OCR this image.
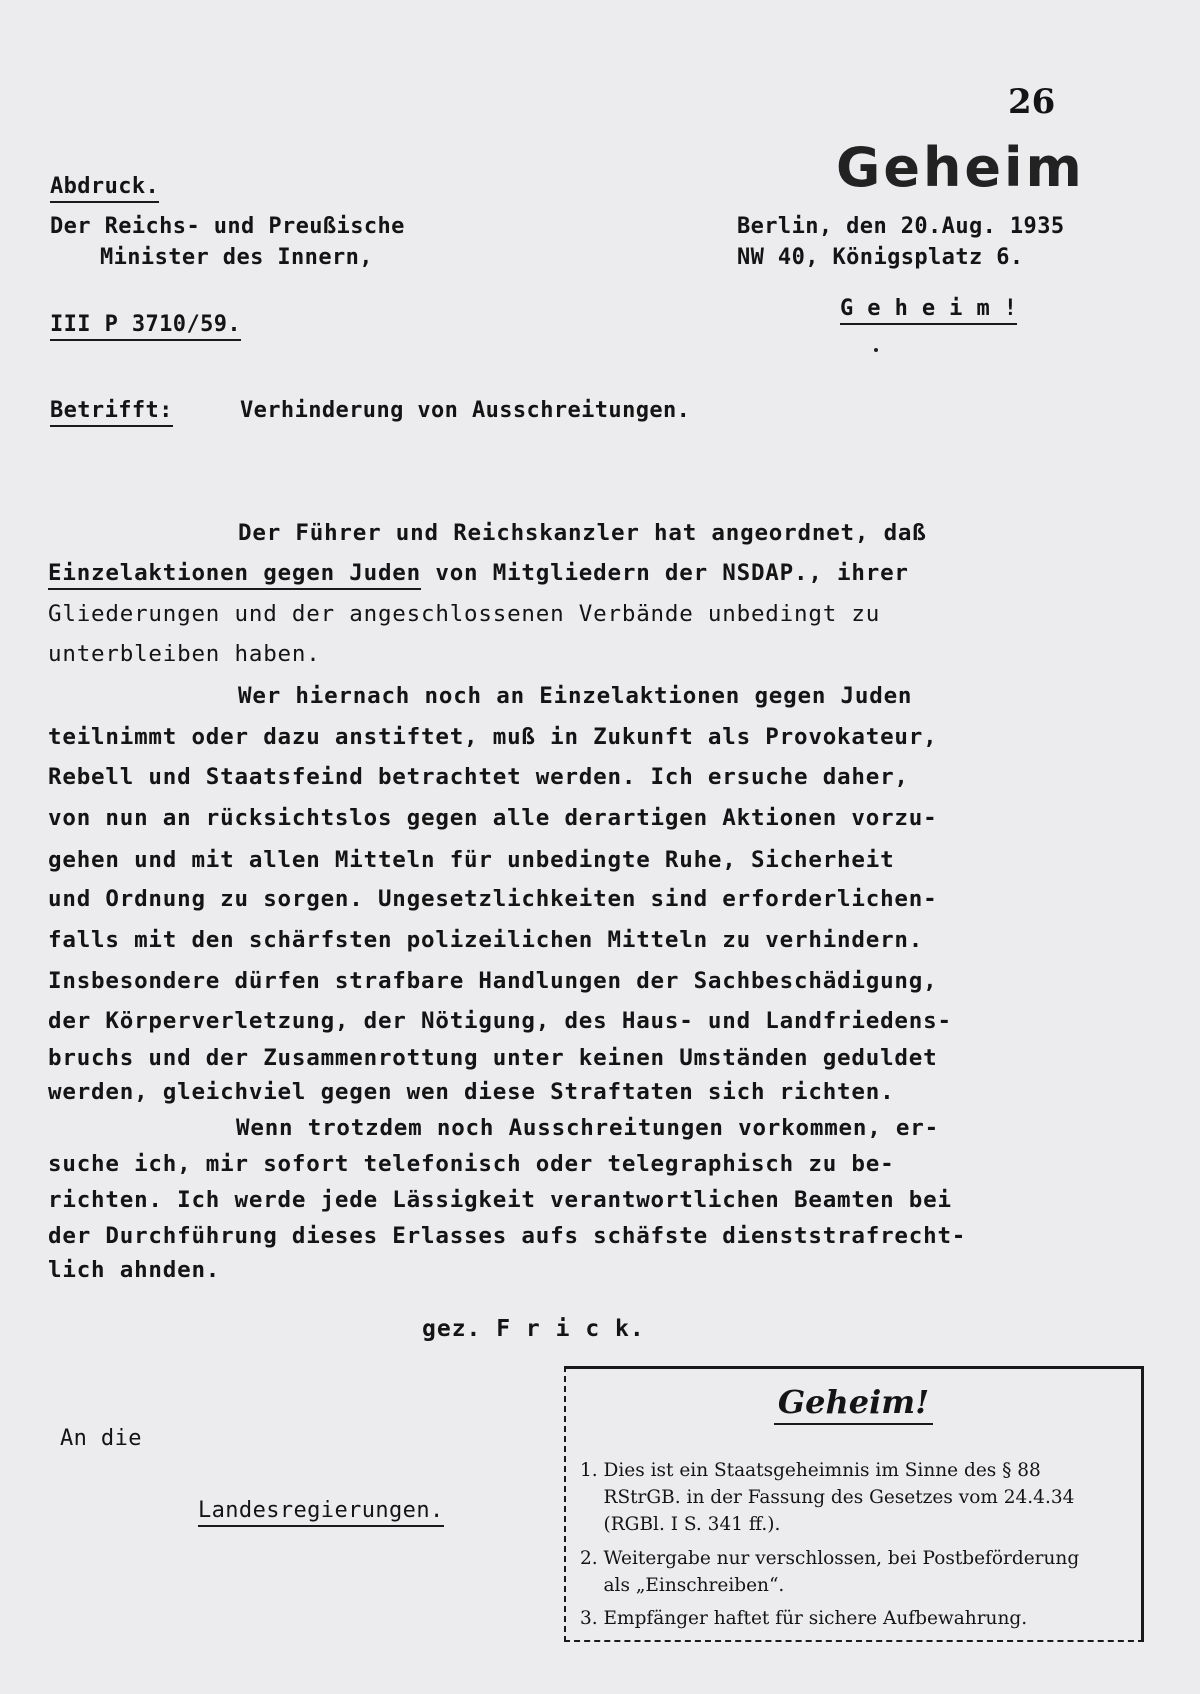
26
Geheim
Abdruck.
Der Reichs- und Preußische
Minister des Innern,
Berlin, den 20.Aug. 1935
NW 40, Königsplatz 6.
G e h e i m !
III P 3710/59.
Betrifft:	Verhinderung von Ausschreitungen.
Der Führer und Reichskanzler hat angeordnet, daß
Einzelaktionen gegen Juden von Mitgliedern der NSDAP., ihrer
Gliederungen und der angeschlossenen Verbände unbedingt zu
unterbleiben haben.
Wer hiernach noch an Einzelaktionen gegen Juden
teilnimmt oder dazu anstiftet, muß in Zukunft als Provokateur,
Rebell und Staatsfeind betrachtet werden. Ich ersuche daher,
von nun an rücksichtslos gegen alle derartigen Aktionen vorzu-
gehen und mit allen Mitteln für unbedingte Ruhe, Sicherheit
und Ordnung zu sorgen. Ungesetzlichkeiten sind erforderlichen-
falls mit den schärfsten polizeilichen Mitteln zu verhindern.
Insbesondere dürfen strafbare Handlungen der Sachbeschädigung,
der Körperverletzung, der Nötigung, des Haus- und Landfriedens-
bruchs und der Zusammenrottung unter keinen Umständen geduldet
werden, gleichviel gegen wen diese Straftaten sich richten.
Wenn trotzdem noch Ausschreitungen vorkommen, er-
suche ich, mir sofort telefonisch oder telegraphisch zu be-
richten. Ich werde jede Lässigkeit verantwortlichen Beamten bei
der Durchführung dieses Erlasses aufs schäfste dienststrafrecht-
lich ahnden.
gez. F r i c k.
An die
Landesregierungen.
Geheim!
1. Dies ist ein Staatsgeheimnis im Sinne des § 88
RStrGB. in der Fassung des Gesetzes vom 24.4.34
(RGBl. I S. 341 ff.).
2. Weitergabe nur verschlossen, bei Postbeförderung
als „Einschreiben“.
3. Empfänger haftet für sichere Aufbewahrung.
